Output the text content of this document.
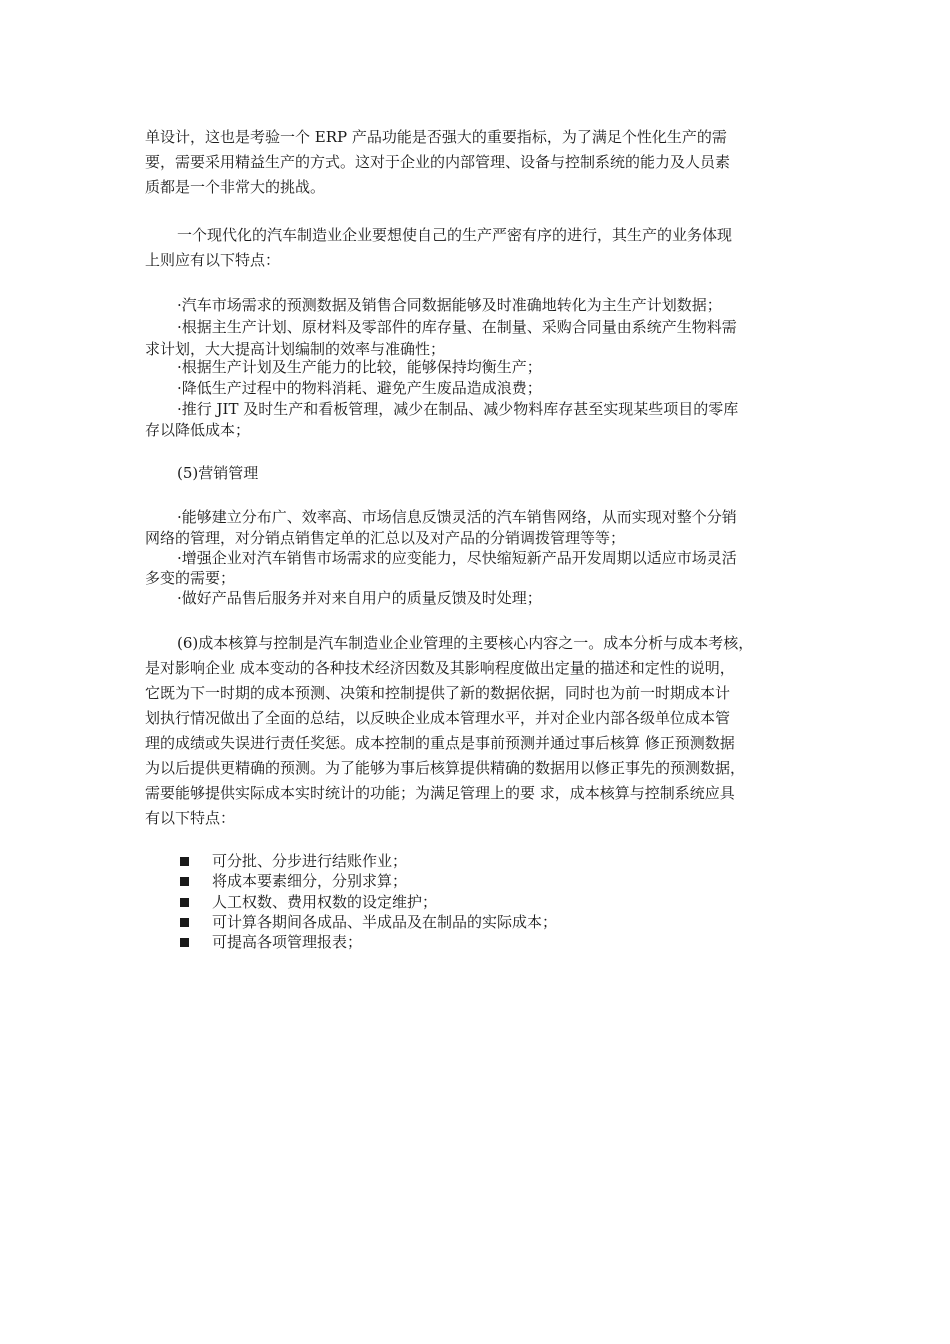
单设计，这也是考验一个 ERP 产品功能是否强大的重要指标，为了满足个性化生产的需
要，需要采用精益生产的方式。这对于企业的内部管理、设备与控制系统的能力及人员素
质都是一个非常大的挑战。
一个现代化的汽车制造业企业要想使自己的生产严密有序的进行，其生产的业务体现
上则应有以下特点：
·汽车市场需求的预测数据及销售合同数据能够及时准确地转化为主生产计划数据；
·根据主生产计划、原材料及零部件的库存量、在制量、采购合同量由系统产生物料需
求计划，大大提高计划编制的效率与准确性；
·根据生产计划及生产能力的比较，能够保持均衡生产；
·降低生产过程中的物料消耗、避免产生废品造成浪费；
·推行 JIT 及时生产和看板管理，减少在制品、减少物料库存甚至实现某些项目的零库
存以降低成本；
(5)营销管理
·能够建立分布广、效率高、市场信息反馈灵活的汽车销售网络，从而实现对整个分销
网络的管理，对分销点销售定单的汇总以及对产品的分销调拨管理等等；
·增强企业对汽车销售市场需求的应变能力，尽快缩短新产品开发周期以适应市场灵活
多变的需要；
·做好产品售后服务并对来自用户的质量反馈及时处理；
(6)成本核算与控制是汽车制造业企业管理的主要核心内容之一。成本分析与成本考核，
是对影响企业 成本变动的各种技术经济因数及其影响程度做出定量的描述和定性的说明，
它既为下一时期的成本预测、决策和控制提供了新的数据依据，同时也为前一时期成本计
划执行情况做出了全面的总结，以反映企业成本管理水平，并对企业内部各级单位成本管
理的成绩或失误进行责任奖惩。成本控制的重点是事前预测并通过事后核算 修正预测数据
为以后提供更精确的预测。为了能够为事后核算提供精确的数据用以修正事先的预测数据，
需要能够提供实际成本实时统计的功能；为满足管理上的要 求，成本核算与控制系统应具
有以下特点：
可分批、分步进行结账作业；
将成本要素细分，分别求算；
人工权数、费用权数的设定维护；
可计算各期间各成品、半成品及在制品的实际成本；
可提高各项管理报表；
